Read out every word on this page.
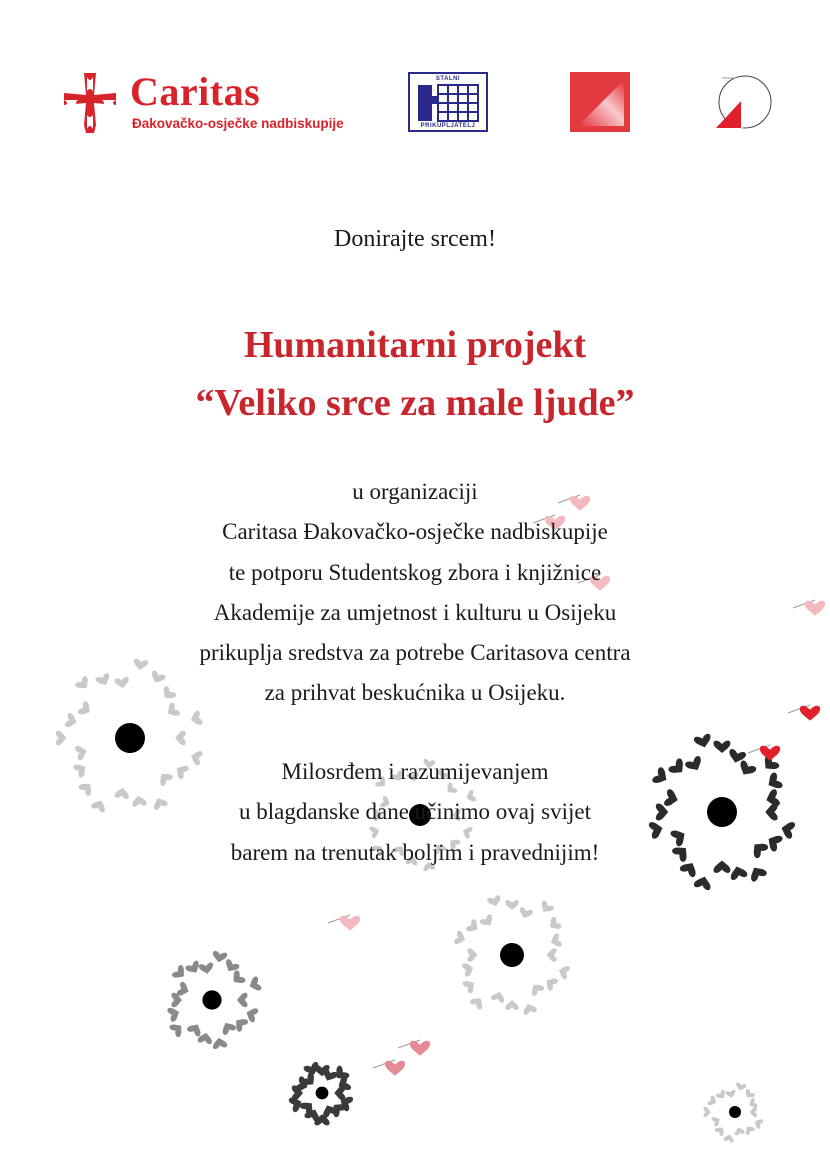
Caritas
Đakovačko-osječke nadbiskupije
STALNI
PRIKUPLJATELJ
Donirajte srcem!
Humanitarni projekt
“Veliko srce za male ljude”
u organizaciji
Caritasa Đakovačko-osječke nadbiskupije
te potporu Studentskog zbora i knjižnice
Akademije za umjetnost i kulturu u Osijeku
prikuplja sredstva za potrebe Caritasova centra
za prihvat beskućnika u Osijeku.
Milosrđem i razumijevanjem
u blagdanske dane učinimo ovaj svijet
barem na trenutak boljim i pravednijim!
